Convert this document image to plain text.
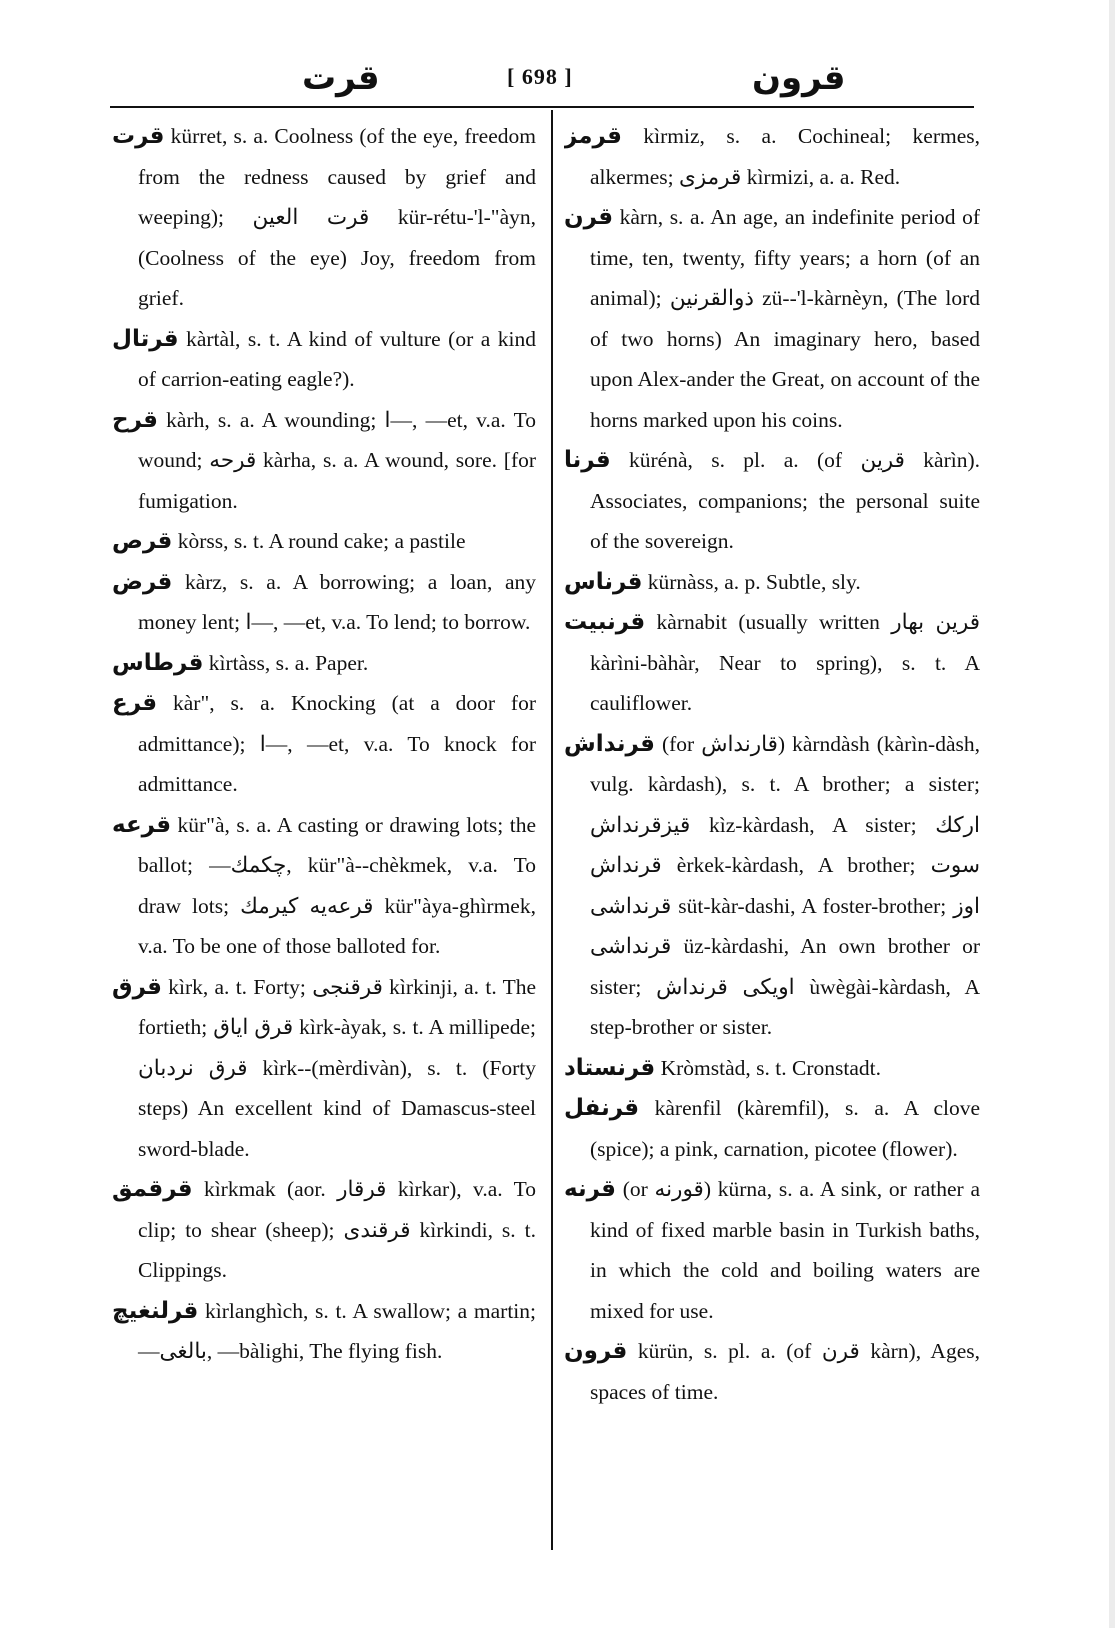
قرت	[ 698 ]	قرون

قرت kürret, s. a. Coolness (of the eye, freedom from the redness caused by grief and weeping); قرت العين kür-rétu-'l-"àyn, (Coolness of the eye) Joy, freedom from grief.

قرتال kàrtàl, s. t. A kind of vulture (or a kind of carrion-eating eagle?).

قرح kàrh, s. a. A wounding; ا—, —et, v.a. To wound; قرحه kàrha, s. a. A wound, sore. [for fumigation.

قرص kòrss, s. t. A round cake; a pastile

قرض kàrz, s. a. A borrowing; a loan, any money lent; ا—, —et, v.a. To lend; to borrow.

قرطاس kìrtàss, s. a. Paper.

قرع kàr", s. a. Knocking (at a door for admittance); ا—, —et, v.a. To knock for admittance.

قرعه kür"à, s. a. A casting or drawing lots; the ballot; —چكمك, kür"à--chèkmek, v.a. To draw lots; قرعه‌يه كيرمك kür"àya-ghìrmek, v.a. To be one of those balloted for.

قرق kìrk, a. t. Forty; قرقنجى kìrkinji, a. t. The fortieth; قرق اياق kìrk-àyak, s. t. A millipede; قرق نردبان kìrk--(mèrdivàn), s. t. (Forty steps) An excellent kind of Damascus-steel sword-blade.

قرقمق kìrkmak (aor. قرقار kìrkar), v.a. To clip; to shear (sheep); قرقندى kìrkindi, s. t. Clippings.

قرلنغيچ kìrlanghìch, s. t. A swallow; a martin; —بالغى, —bàlighi, The flying fish.

قرمز kìrmiz, s. a. Cochineal; kermes, alkermes; قرمزى kìrmizi, a. a. Red.

قرن kàrn, s. a. An age, an indefinite period of time, ten, twenty, fifty years; a horn (of an animal); ذوالقرنين zü--'l-kàrnèyn, (The lord of two horns) An imaginary hero, based upon Alex-ander the Great, on account of the horns marked upon his coins.

قرنا kürénà, s. pl. a. (of قرين kàrìn). Associates, companions; the personal suite of the sovereign.

قرناس kürnàss, a. p. Subtle, sly.

قرنبيت kàrnabit (usually written قرين بهار kàrìni-bàhàr, Near to spring), s. t. A cauliflower.

قرنداش (for قارنداش) kàrndàsh (kàrìn-dàsh, vulg. kàrdash), s. t. A brother; a sister; قيزقرنداش kìz-kàrdash, A sister; اركك قرنداش èrkek-kàrdash, A brother; سوت قرنداشى süt-kàr-dashi, A foster-brother; اوز قرنداشى üz-kàrdashi, An own brother or sister; اويكى قرنداش ùwègài-kàrdash, A step-brother or sister.

قرنستاد Kròmstàd, s. t. Cronstadt.

قرنفل kàrenfil (kàremfil), s. a. A clove (spice); a pink, carnation, picotee (flower).

قرنه (or قورنه) kürna, s. a. A sink, or rather a kind of fixed marble basin in Turkish baths, in which the cold and boiling waters are mixed for use.

قرون kürün, s. pl. a. (of قرن kàrn), Ages, spaces of time.
